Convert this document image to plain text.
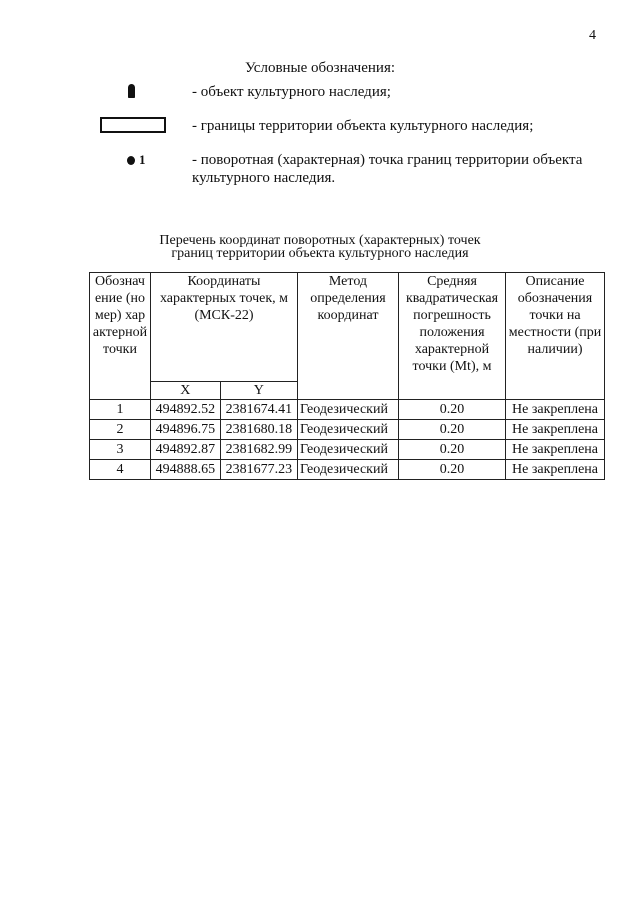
4
Условные обозначения:
- объект культурного наследия;
- границы территории объекта культурного наследия;
1	- поворотная (характерная) точка границ территории объекта культурного наследия.
Перечень координат поворотных (характерных) точек
границ территории объекта культурного наследия
Обозначение (номер) характерной точки	Координаты характерных точек, м (МСК-22)		Метод определения координат	Средняя квадратическая погрешность положения характерной точки (Mt), м	Описание обозначения точки на местности (при наличии)
	X	Y			
1	494892.52	2381674.41	Геодезический	0.20	Не закреплена
2	494896.75	2381680.18	Геодезический	0.20	Не закреплена
3	494892.87	2381682.99	Геодезический	0.20	Не закреплена
4	494888.65	2381677.23	Геодезический	0.20	Не закреплена
